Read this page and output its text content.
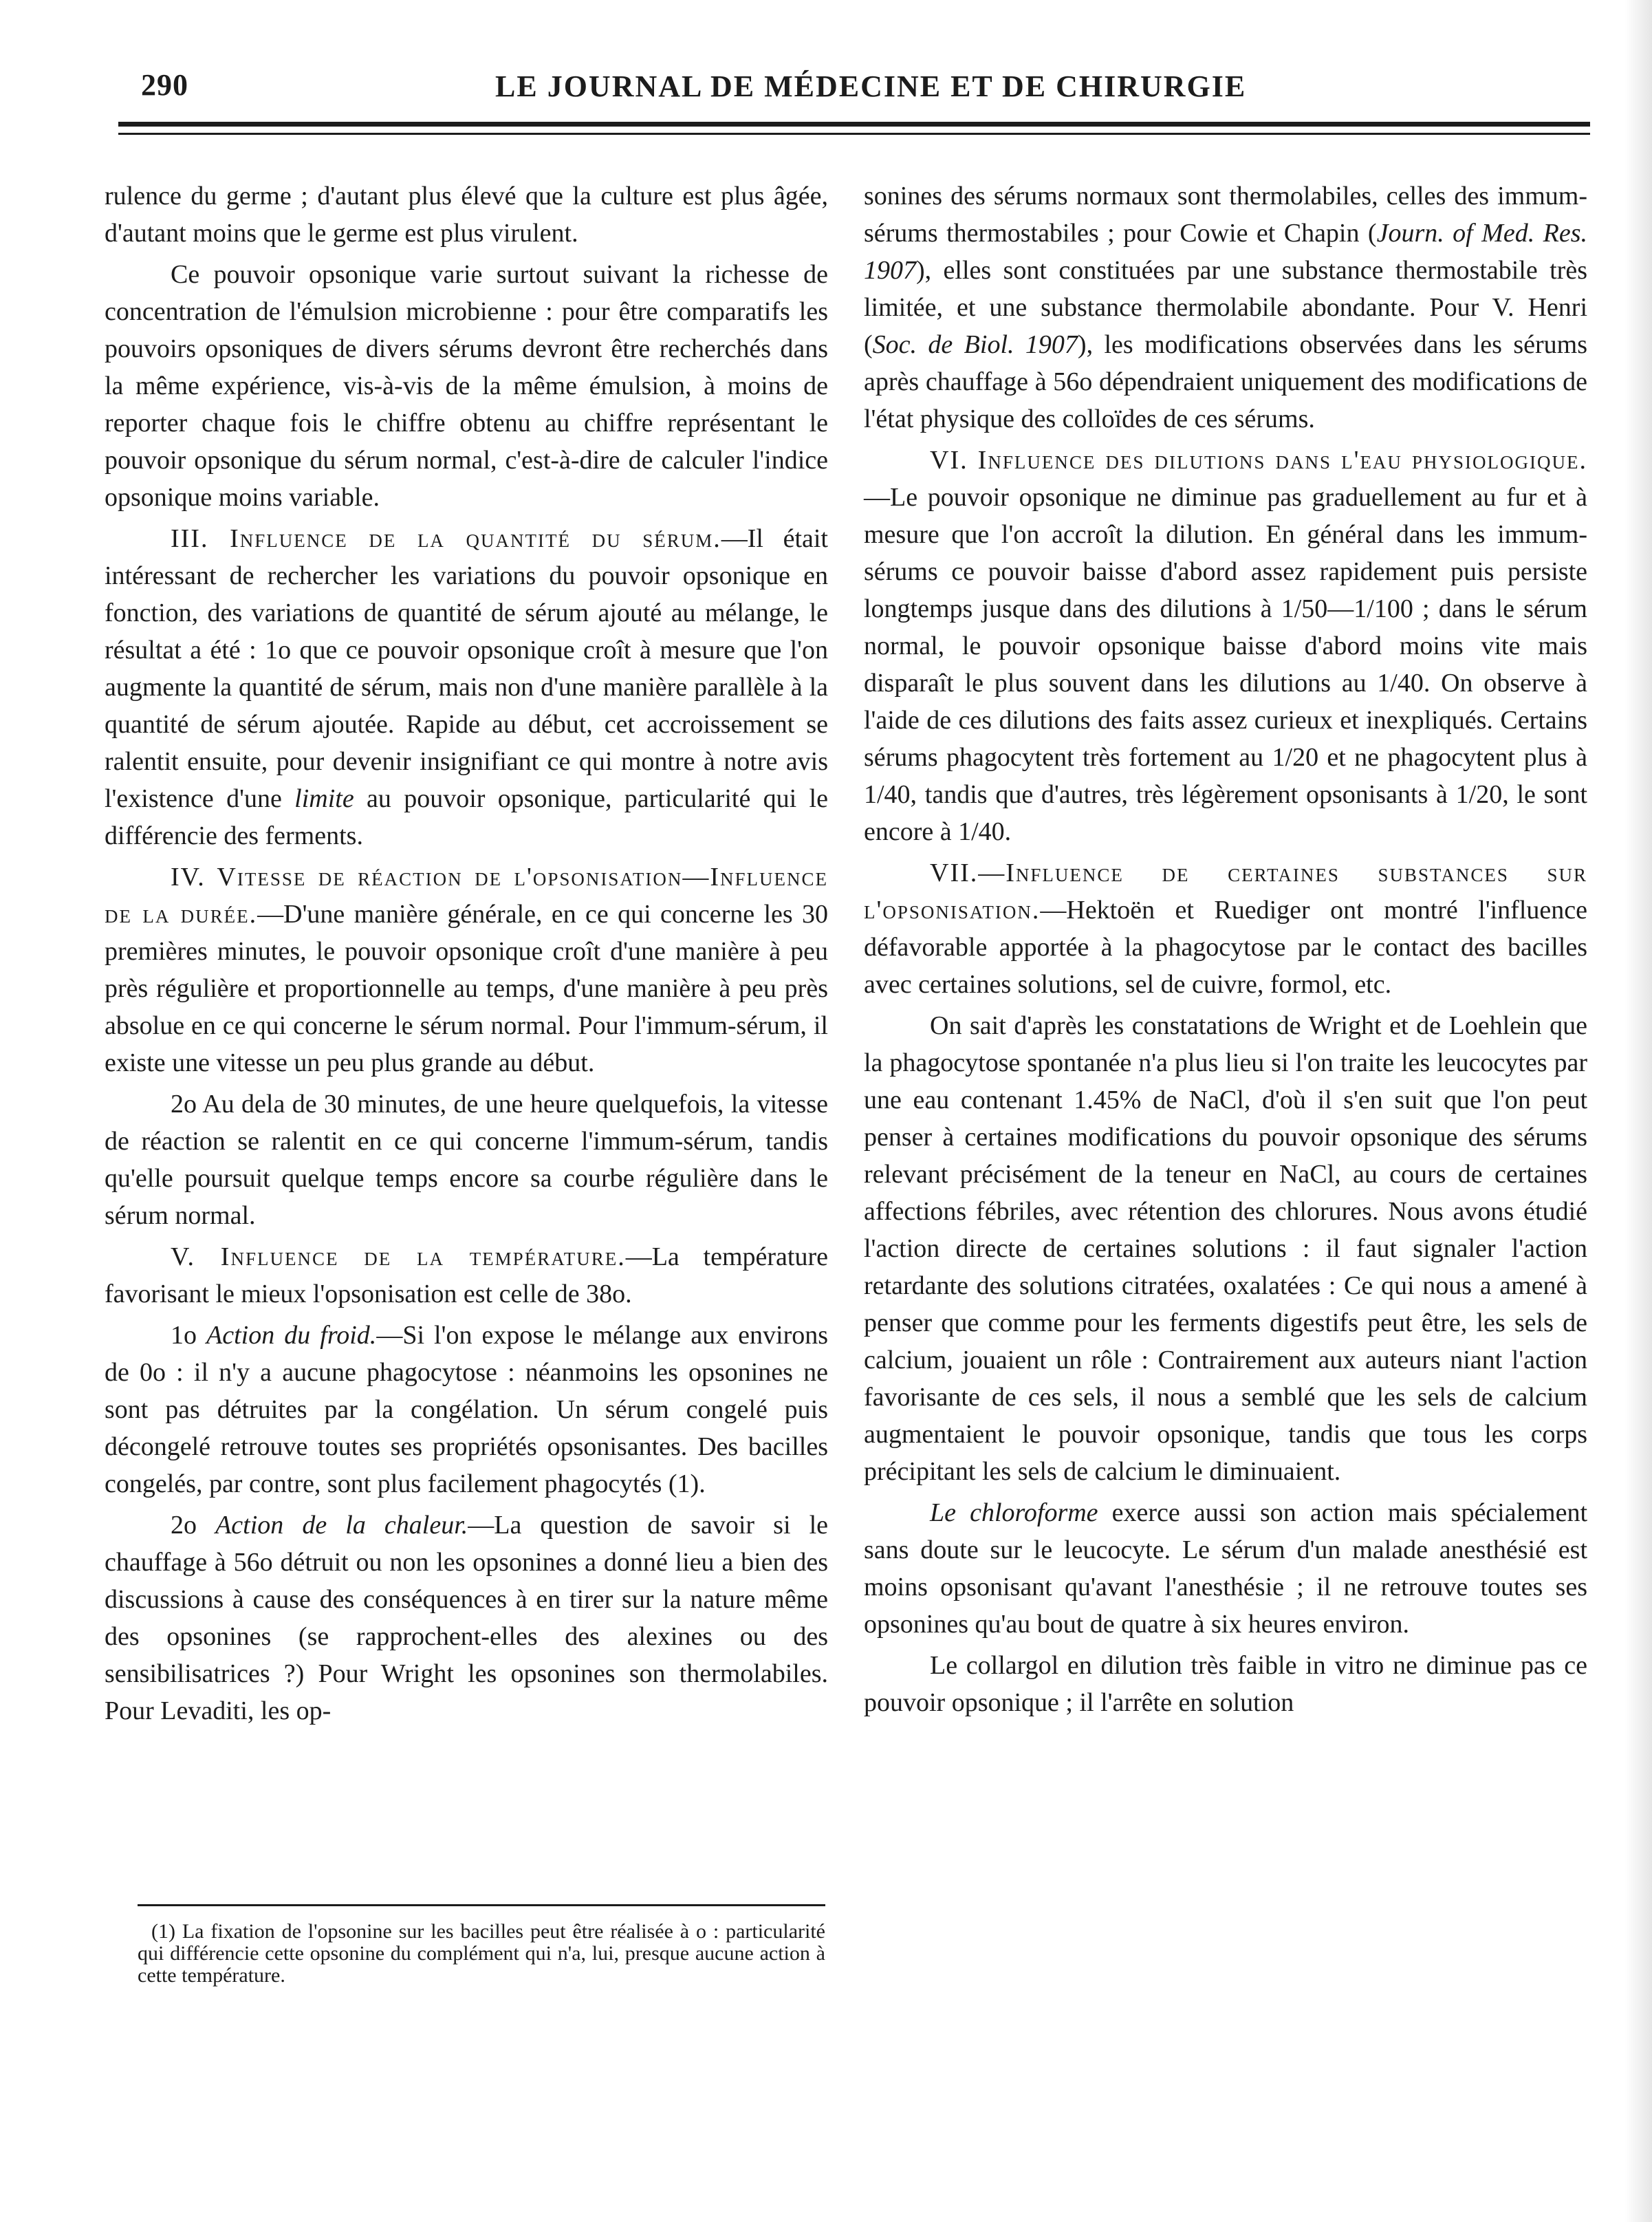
290	LE JOURNAL DE MÉDECINE ET DE CHIRURGIE

rulence du germe ; d'autant plus élevé que la culture est plus âgée, d'autant moins que le germe est plus virulent.

Ce pouvoir opsonique varie surtout suivant la richesse de concentration de l'émulsion microbienne : pour être comparatifs les pouvoirs opsoniques de divers sérums devront être recherchés dans la même expérience, vis-à-vis de la même émulsion, à moins de reporter chaque fois le chiffre obtenu au chiffre représentant le pouvoir opsonique du sérum normal, c'est-à-dire de calculer l'indice opsonique moins variable.

III. Influence de la quantité du sérum.—Il était intéressant de rechercher les variations du pouvoir opsonique en fonction, des variations de quantité de sérum ajouté au mélange, le résultat a été : 1o que ce pouvoir opsonique croît à mesure que l'on augmente la quantité de sérum, mais non d'une manière parallèle à la quantité de sérum ajoutée. Rapide au début, cet accroissement se ralentit ensuite, pour devenir insignifiant ce qui montre à notre avis l'existence d'une limite au pouvoir opsonique, particularité qui le différencie des ferments.

IV. Vitesse de réaction de l'opsonisation—Influence de la durée.—D'une manière générale, en ce qui concerne les 30 premières minutes, le pouvoir opsonique croît d'une manière à peu près régulière et proportionnelle au temps, d'une manière à peu près absolue en ce qui concerne le sérum normal. Pour l'immum-sérum, il existe une vitesse un peu plus grande au début.

2o Au dela de 30 minutes, de une heure quelquefois, la vitesse de réaction se ralentit en ce qui concerne l'immum-sérum, tandis qu'elle poursuit quelque temps encore sa courbe régulière dans le sérum normal.

V. Influence de la température.—La température favorisant le mieux l'opsonisation est celle de 38o.

1o Action du froid.—Si l'on expose le mélange aux environs de 0o : il n'y a aucune phagocytose : néanmoins les opsonines ne sont pas détruites par la congélation. Un sérum congelé puis décongelé retrouve toutes ses propriétés opsonisantes. Des bacilles congelés, par contre, sont plus facilement phagocytés (1).

2o Action de la chaleur.—La question de savoir si le chauffage à 56o détruit ou non les opsonines a donné lieu a bien des discussions à cause des conséquences à en tirer sur la nature même des opsonines (se rapprochent-elles des alexines ou des sensibilisatrices ?) Pour Wright les opsonines son thermolabiles. Pour Levaditi, les op-

sonines des sérums normaux sont thermolabiles, celles des immum-sérums thermostabiles ; pour Cowie et Chapin (Journ. of Med. Res. 1907), elles sont constituées par une substance thermostabile très limitée, et une substance thermolabile abondante. Pour V. Henri (Soc. de Biol. 1907), les modifications observées dans les sérums après chauffage à 56o dépendraient uniquement des modifications de l'état physique des colloïdes de ces sérums.

VI. Influence des dilutions dans l'eau physiologique.—Le pouvoir opsonique ne diminue pas graduellement au fur et à mesure que l'on accroît la dilution. En général dans les immum-sérums ce pouvoir baisse d'abord assez rapidement puis persiste longtemps jusque dans des dilutions à 1/50—1/100 ; dans le sérum normal, le pouvoir opsonique baisse d'abord moins vite mais disparaît le plus souvent dans les dilutions au 1/40. On observe à l'aide de ces dilutions des faits assez curieux et inexpliqués. Certains sérums phagocytent très fortement au 1/20 et ne phagocytent plus à 1/40, tandis que d'autres, très légèrement opsonisants à 1/20, le sont encore à 1/40.

VII.—Influence de certaines substances sur l'opsonisation.—Hektoën et Ruediger ont montré l'influence défavorable apportée à la phagocytose par le contact des bacilles avec certaines solutions, sel de cuivre, formol, etc.

On sait d'après les constatations de Wright et de Loehlein que la phagocytose spontanée n'a plus lieu si l'on traite les leucocytes par une eau contenant 1.45% de NaCl, d'où il s'en suit que l'on peut penser à certaines modifications du pouvoir opsonique des sérums relevant précisément de la teneur en NaCl, au cours de certaines affections fébriles, avec rétention des chlorures. Nous avons étudié l'action directe de certaines solutions : il faut signaler l'action retardante des solutions citratées, oxalatées : Ce qui nous a amené à penser que comme pour les ferments digestifs peut être, les sels de calcium, jouaient un rôle : Contrairement aux auteurs niant l'action favorisante de ces sels, il nous a semblé que les sels de calcium augmentaient le pouvoir opsonique, tandis que tous les corps précipitant les sels de calcium le diminuaient.

Le chloroforme exerce aussi son action mais spécialement sans doute sur le leucocyte. Le sérum d'un malade anesthésié est moins opsonisant qu'avant l'anesthésie ; il ne retrouve toutes ses opsonines qu'au bout de quatre à six heures environ.

Le collargol en dilution très faible in vitro ne diminue pas ce pouvoir opsonique ; il l'arrête en solution

(1) La fixation de l'opsonine sur les bacilles peut être réalisée à o : particularité qui différencie cette opsonine du complément qui n'a, lui, presque aucune action à cette température.
